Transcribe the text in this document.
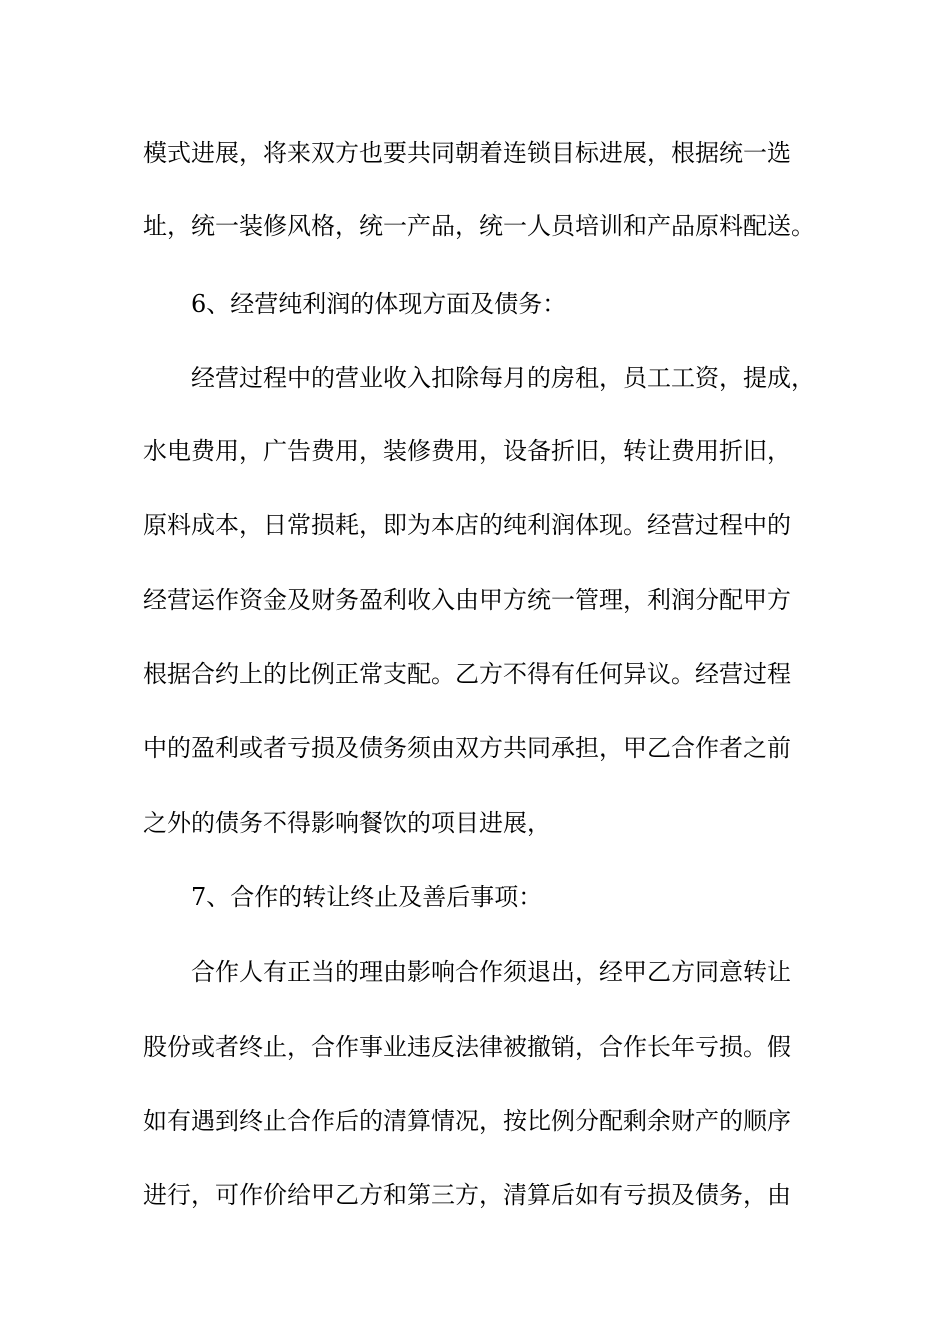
模式进展，将来双方也要共同朝着连锁目标进展，根据统一选
址，统一装修风格，统一产品，统一人员培训和产品原料配送。
6、经营纯利润的体现方面及债务：
经营过程中的营业收入扣除每月的房租，员工工资，提成，
水电费用，广告费用，装修费用，设备折旧，转让费用折旧，
原料成本，日常损耗，即为本店的纯利润体现。经营过程中的
经营运作资金及财务盈利收入由甲方统一管理，利润分配甲方
根据合约上的比例正常支配。乙方不得有任何异议。经营过程
中的盈利或者亏损及债务须由双方共同承担，甲乙合作者之前
之外的债务不得影响餐饮的项目进展，
7、合作的转让终止及善后事项：
合作人有正当的理由影响合作须退出，经甲乙方同意转让
股份或者终止，合作事业违反法律被撤销，合作长年亏损。假
如有遇到终止合作后的清算情况，按比例分配剩余财产的顺序
进行，可作价给甲乙方和第三方，清算后如有亏损及债务，由
